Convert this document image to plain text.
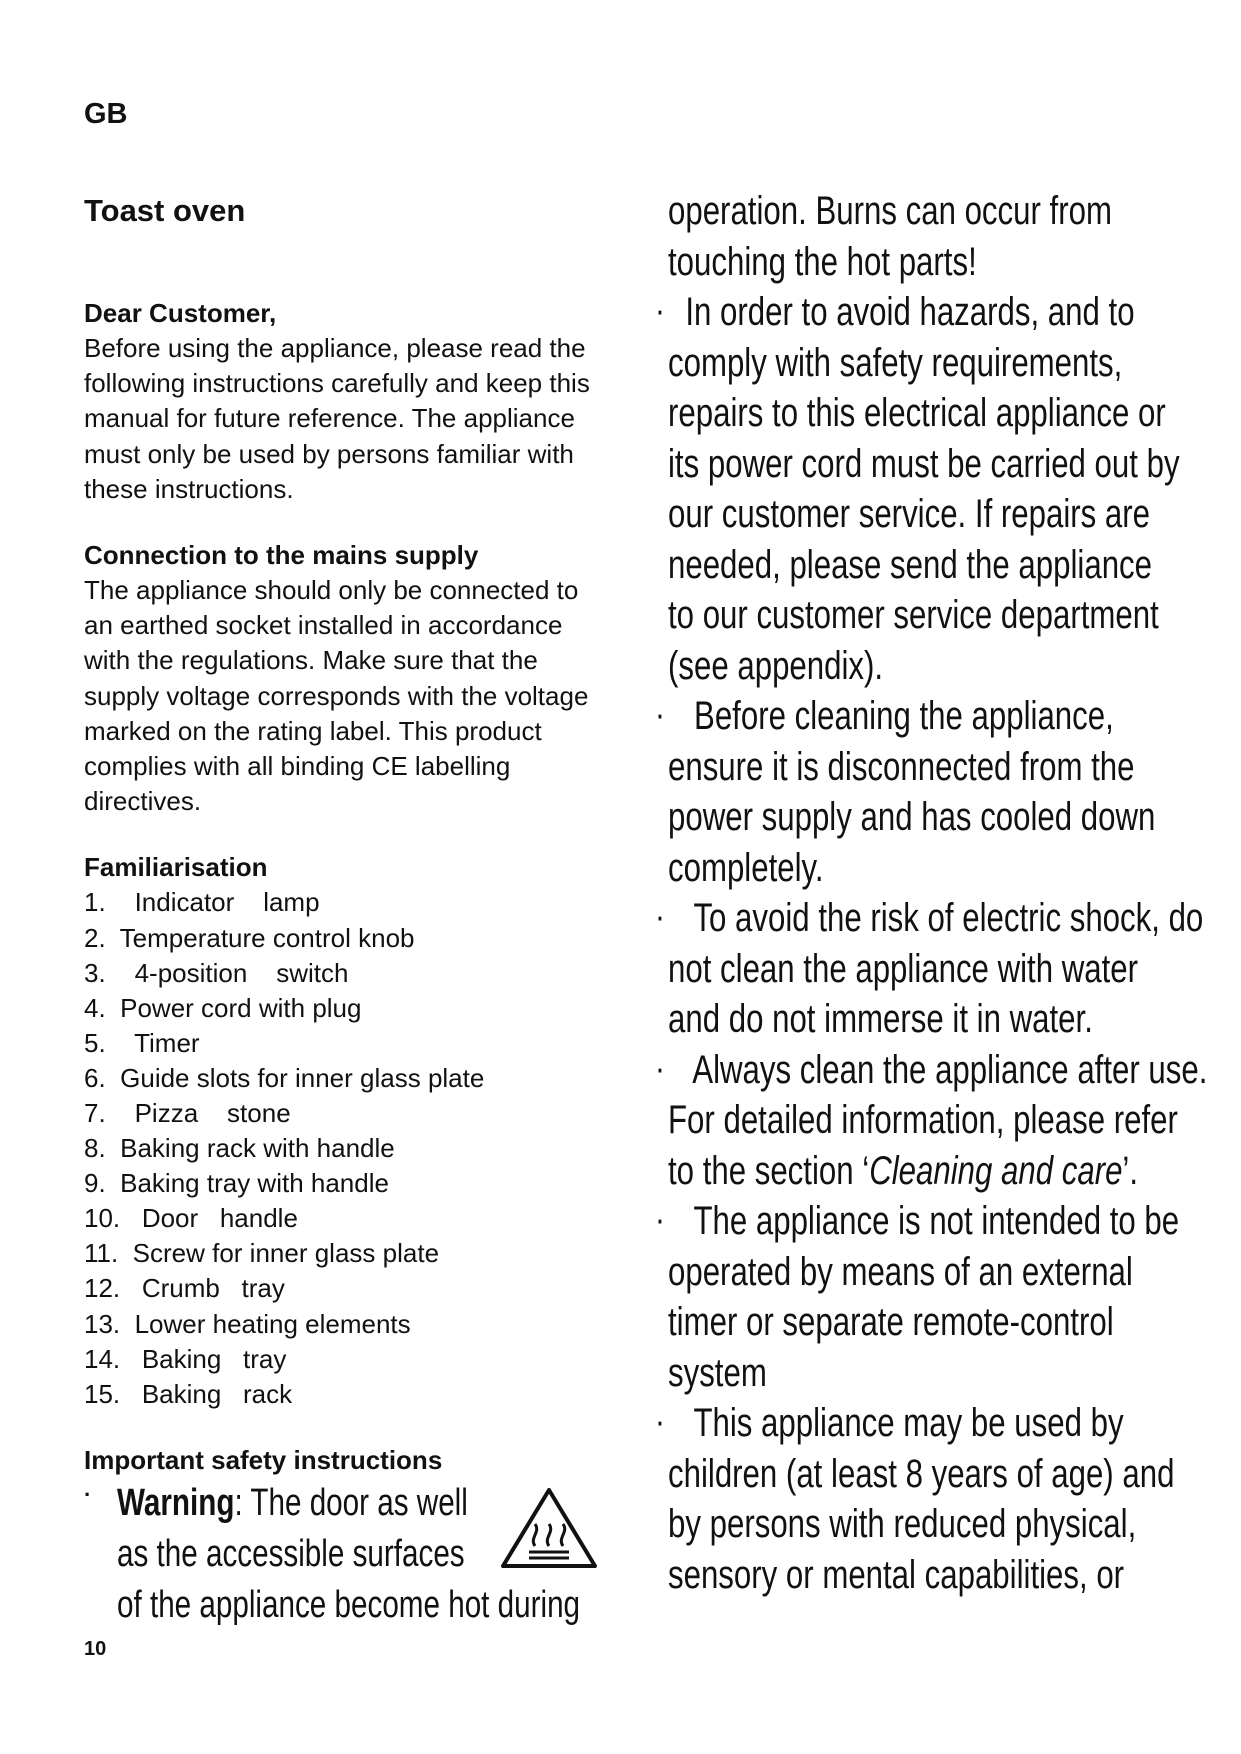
GB
Toast oven
Dear Customer,
Before using the appliance, please read the
following instructions carefully and keep this
manual for future reference. The appliance
must only be used by persons familiar with
these instructions.
Connection to the mains supply
The appliance should only be connected to
an earthed socket installed in accordance
with the regulations. Make sure that the
supply voltage corresponds with the voltage
marked on the rating label. This product
complies with all binding CE labelling
directives.
Familiarisation
1.    Indicator    lamp
2.  Temperature control knob
3.    4-position    switch
4.  Power cord with plug
5.    Timer
6.  Guide slots for inner glass plate
7.    Pizza    stone
8.  Baking rack with handle
9.  Baking tray with handle
10.   Door   handle
11.  Screw for inner glass plate
12.   Crumb   tray
13.  Lower heating elements
14.   Baking   tray
15.   Baking   rack
Important safety instructions
· Warning: The door as well
as the accessible surfaces
of the appliance become hot during
operation. Burns can occur from
touching the hot parts!
· In order to avoid hazards, and to
comply with safety requirements,
repairs to this electrical appliance or
its power cord must be carried out by
our customer service. If repairs are
needed, please send the appliance
to our customer service department
(see appendix).
· Before cleaning the appliance,
ensure it is disconnected from the
power supply and has cooled down
completely.
· To avoid the risk of electric shock, do
not clean the appliance with water
and do not immerse it in water.
· Always clean the appliance after use.
For detailed information, please refer
to the section ‘Cleaning and care’.
· The appliance is not intended to be
operated by means of an external
timer or separate remote-control
system
· This appliance may be used by
children (at least 8 years of age) and
by persons with reduced physical,
sensory or mental capabilities, or
10
